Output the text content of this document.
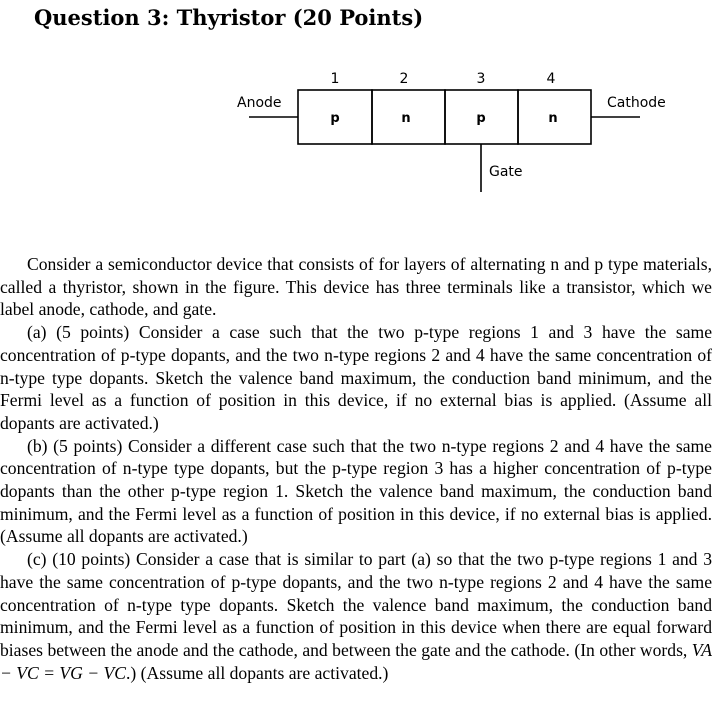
Question 3: Thyristor (20 Points)
1	2	3	4
p	n	p	n
Anode	Cathode
Gate

Consider a semiconductor device that consists of for layers of alternating n and p type materials, called a thyristor, shown in the figure. This device has three terminals like a transistor, which we label anode, cathode, and gate.

(a) (5 points) Consider a case such that the two p-type regions 1 and 3 have the same concentration of p-type dopants, and the two n-type regions 2 and 4 have the same concentration of n-type type dopants. Sketch the valence band maximum, the conduction band minimum, and the Fermi level as a function of position in this device, if no external bias is applied. (Assume all dopants are activated.)

(b) (5 points) Consider a different case such that the two n-type regions 2 and 4 have the same concentration of n-type type dopants, but the p-type region 3 has a higher concentration of p-type dopants than the other p-type region 1. Sketch the valence band maximum, the conduction band minimum, and the Fermi level as a function of position in this device, if no external bias is applied. (Assume all dopants are activated.)

(c) (10 points) Consider a case that is similar to part (a) so that the two p-type regions 1 and 3 have the same concentration of p-type dopants, and the two n-type regions 2 and 4 have the same concentration of n-type type dopants. Sketch the valence band maximum, the conduction band minimum, and the Fermi level as a function of position in this device when there are equal forward biases between the anode and the cathode, and between the gate and the cathode. (In other words, VA − VC = VG − VC.) (Assume all dopants are activated.)
